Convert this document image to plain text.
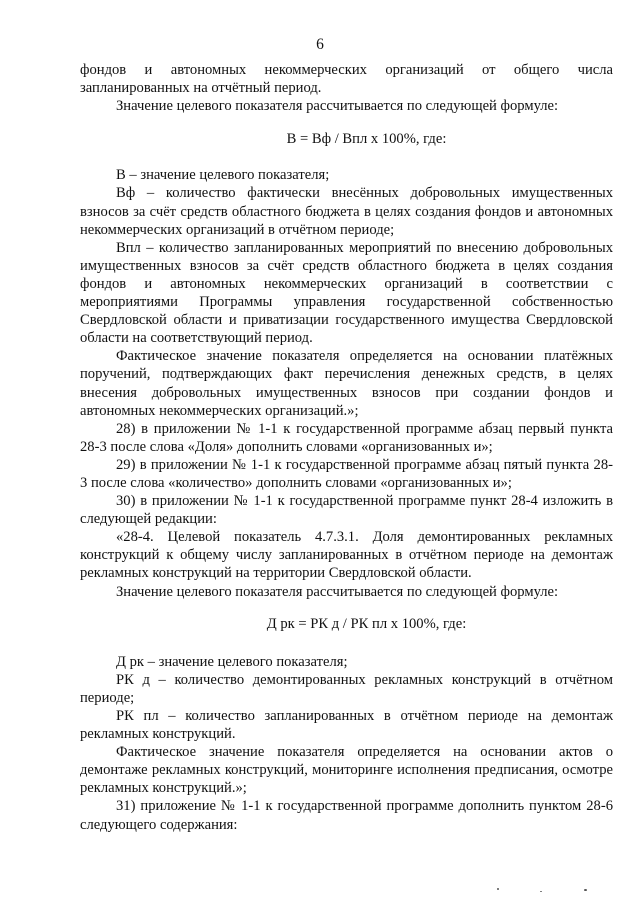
6

фондов и автономных некоммерческих организаций от общего числа запланированных на отчётный период.

Значение целевого показателя рассчитывается по следующей формуле:

В = Вф / Впл х 100%, где:

В – значение целевого показателя;

Вф – количество фактически внесённых добровольных имущественных взносов за счёт средств областного бюджета в целях создания фондов и автономных некоммерческих организаций в отчётном периоде;

Впл – количество запланированных мероприятий по внесению добровольных имущественных взносов за счёт средств областного бюджета в целях создания фондов и автономных некоммерческих организаций в соответствии с мероприятиями Программы управления государственной собственностью Свердловской области и приватизации государственного имущества Свердловской области на соответствующий период.

Фактическое значение показателя определяется на основании платёжных поручений, подтверждающих факт перечисления денежных средств, в целях внесения добровольных имущественных взносов при создании фондов и автономных некоммерческих организаций.»;

28) в приложении № 1-1 к государственной программе абзац первый пункта 28-3 после слова «Доля» дополнить словами «организованных и»;

29) в приложении № 1-1 к государственной программе абзац пятый пункта 28-3 после слова «количество» дополнить словами «организованных и»;

30) в приложении № 1-1 к государственной программе пункт 28-4 изложить в следующей редакции:

«28-4. Целевой показатель 4.7.3.1. Доля демонтированных рекламных конструкций к общему числу запланированных в отчётном периоде на демонтаж рекламных конструкций на территории Свердловской области.

Значение целевого показателя рассчитывается по следующей формуле:

Д рк = РК д / РК пл х 100%, где:

Д рк – значение целевого показателя;

РК д – количество демонтированных рекламных конструкций в отчётном периоде;

РК пл – количество запланированных в отчётном периоде на демонтаж рекламных конструкций.

Фактическое значение показателя определяется на основании актов о демонтаже рекламных конструкций, мониторинге исполнения предписания, осмотре рекламных конструкций.»;

31) приложение № 1-1 к государственной программе дополнить пунктом 28-6 следующего содержания:
